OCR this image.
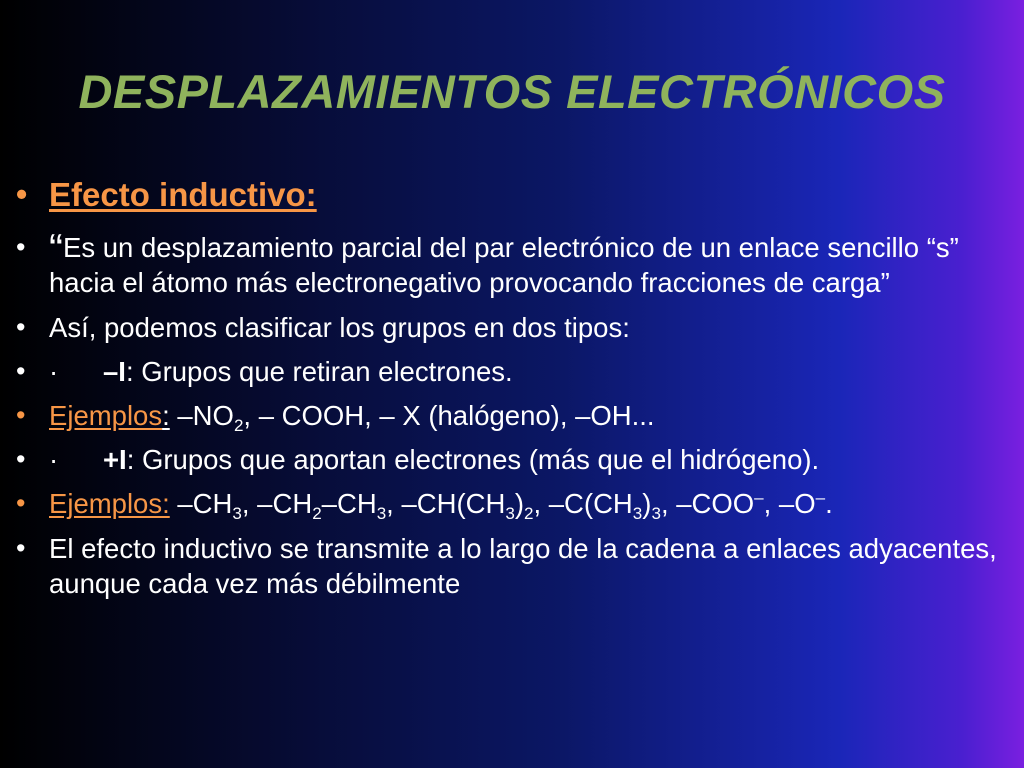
DESPLAZAMIENTOS ELECTRÓNICOS
• Efecto inductivo:
• “Es un desplazamiento parcial del par electrónico de un enlace sencillo “s” hacia el átomo más electronegativo provocando fracciones de carga”
• Así, podemos clasificar los grupos en dos tipos:
• · –I: Grupos que retiran electrones.
• Ejemplos: $-NO_2$, – COOH, – X (halógeno), –OH...
• · +I: Grupos que aportan electrones (más que el hidrógeno).
• Ejemplos: $-CH_3$, $-CH_2-CH_3$, $-CH(CH_3)_2$, $-C(CH_3)_3$, –COO–, –O–.
• El efecto inductivo se transmite a lo largo de la cadena a enlaces adyacentes, aunque cada vez más débilmente
